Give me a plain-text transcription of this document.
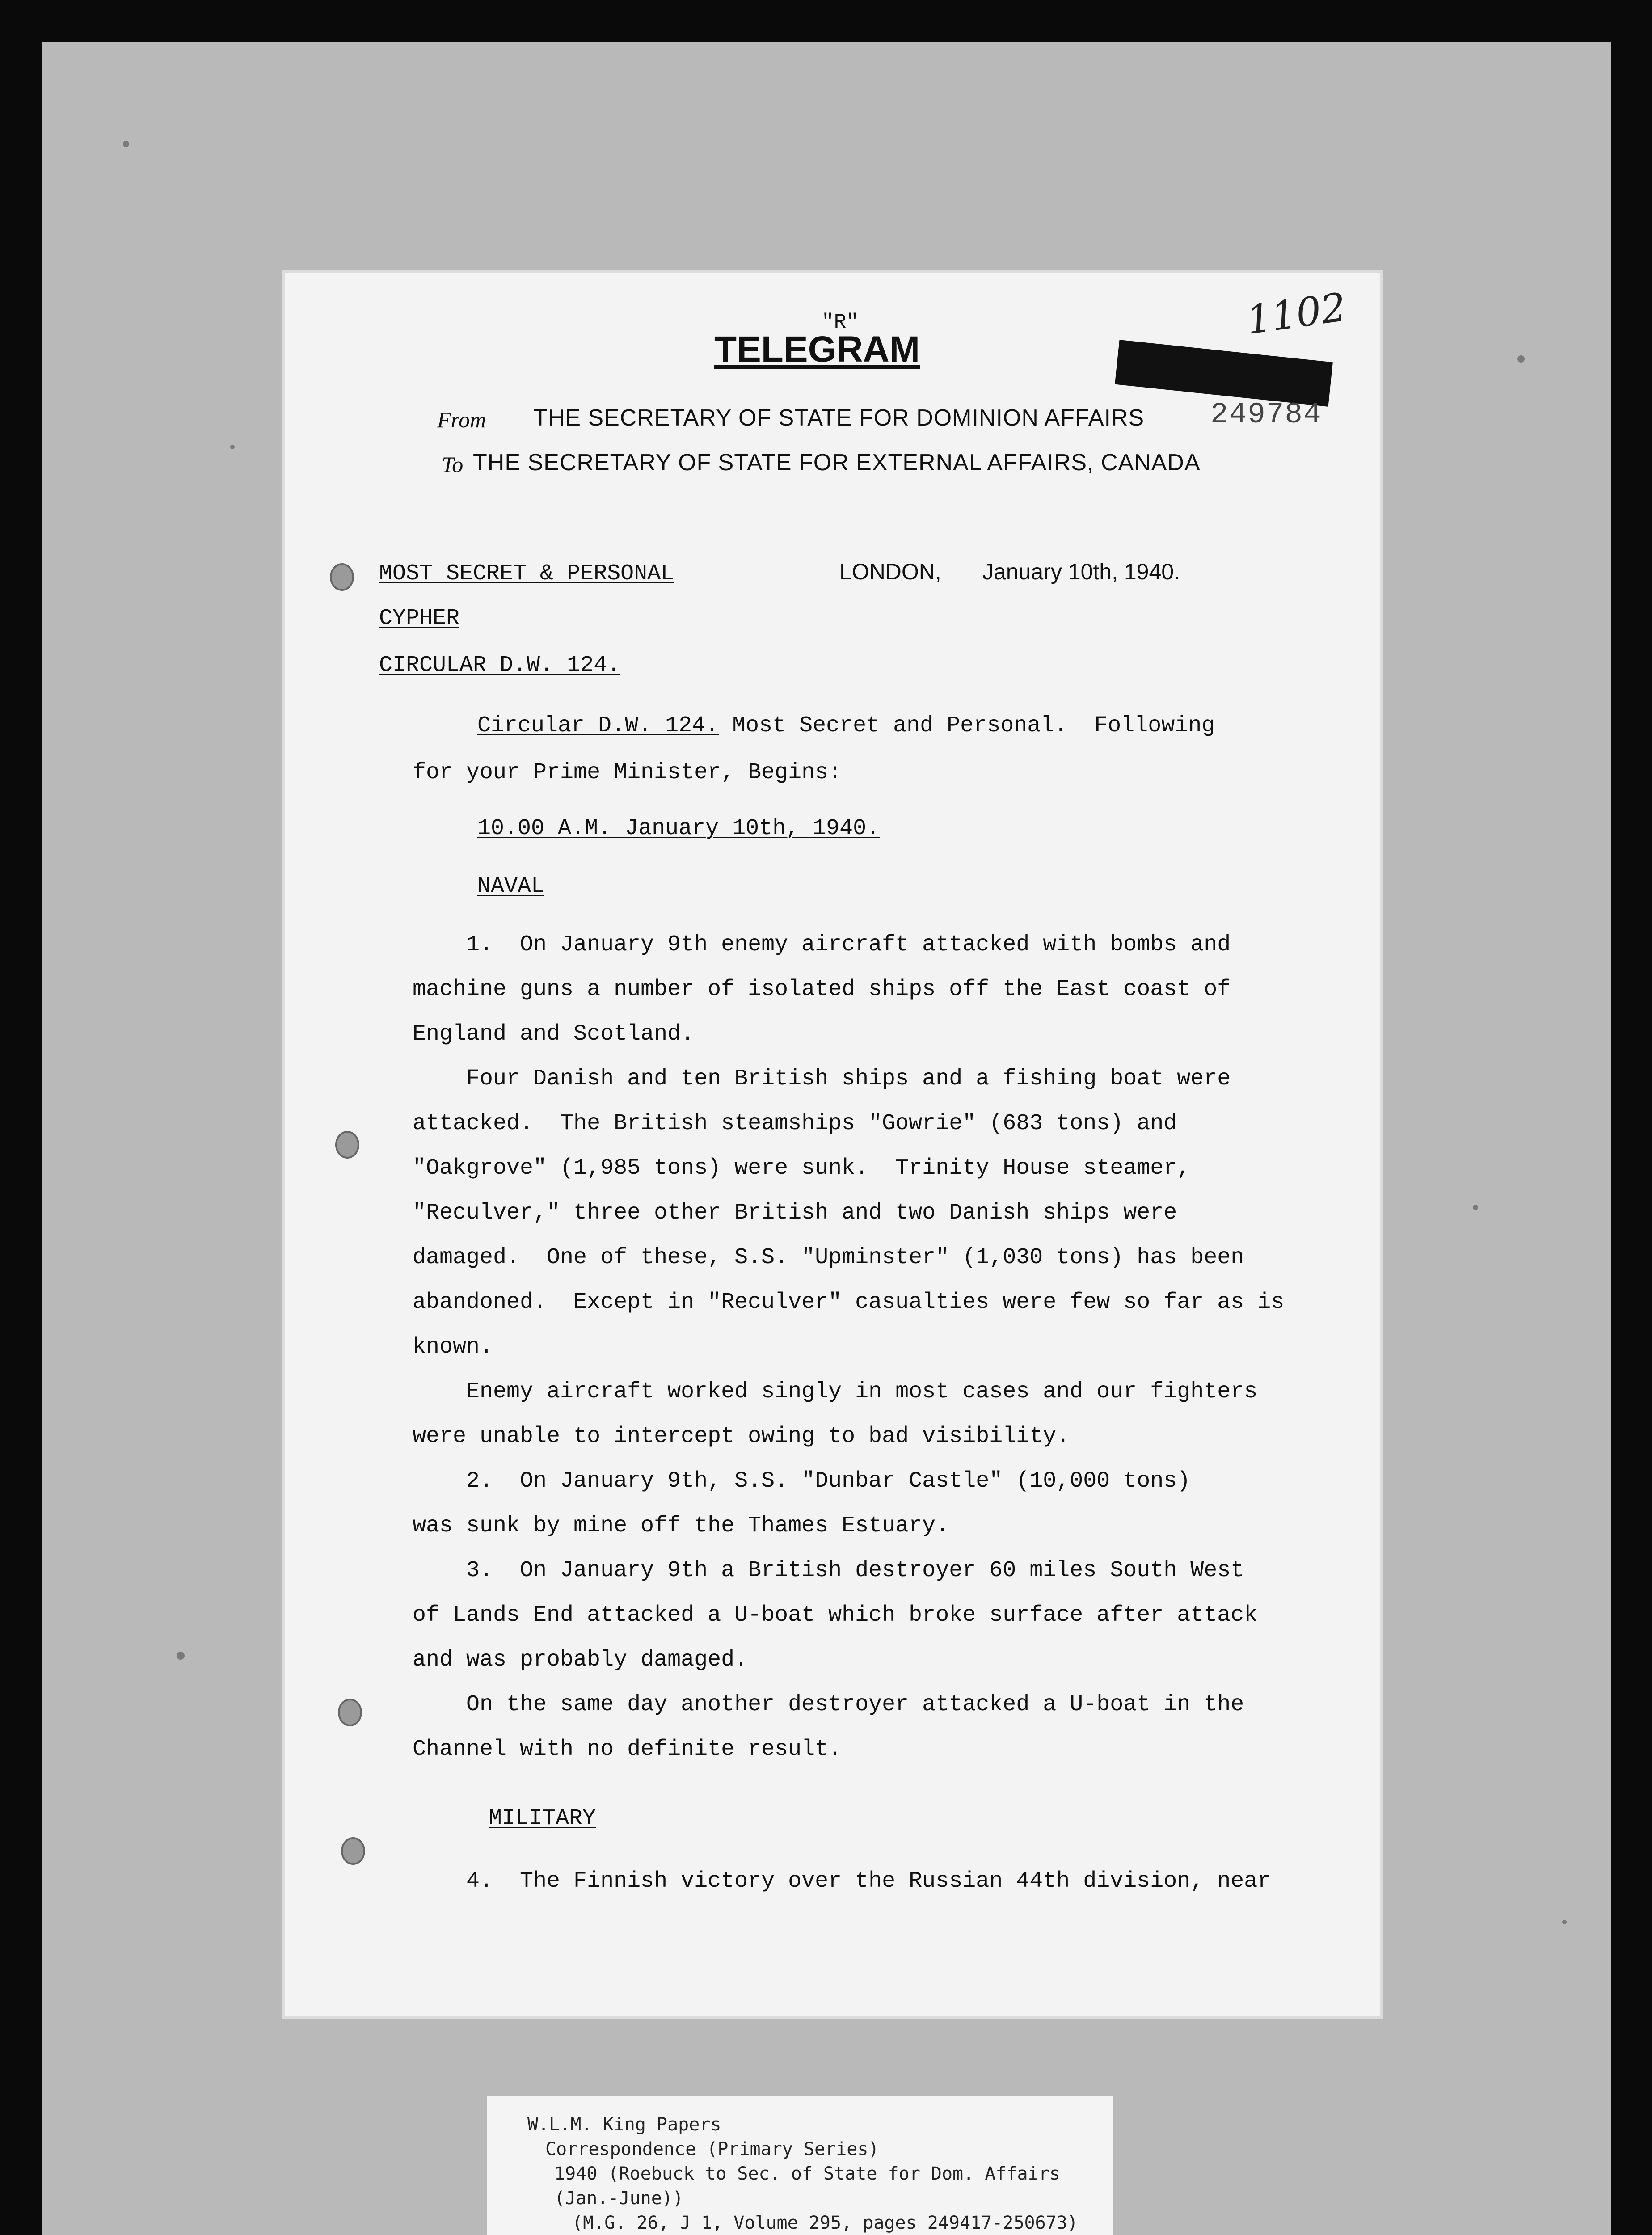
"R"
TELEGRAM
1102
249784
From THE SECRETARY OF STATE FOR DOMINION AFFAIRS
To THE SECRETARY OF STATE FOR EXTERNAL AFFAIRS, CANADA
MOST SECRET & PERSONAL	LONDON, January 10th, 1940.
CYPHER
CIRCULAR D.W. 124.
Circular D.W. 124. Most Secret and Personal.  Following
for your Prime Minister, Begins:
10.00 A.M. January 10th, 1940.
NAVAL
1.  On January 9th enemy aircraft attacked with bombs and
machine guns a number of isolated ships off the East coast of
England and Scotland.
Four Danish and ten British ships and a fishing boat were
attacked.  The British steamships "Gowrie" (683 tons) and
"Oakgrove" (1,985 tons) were sunk.  Trinity House steamer,
"Reculver," three other British and two Danish ships were
damaged.  One of these, S.S. "Upminster" (1,030 tons) has been
abandoned.  Except in "Reculver" casualties were few so far as is
known.
Enemy aircraft worked singly in most cases and our fighters
were unable to intercept owing to bad visibility.
2.  On January 9th, S.S. "Dunbar Castle" (10,000 tons)
was sunk by mine off the Thames Estuary.
3.  On January 9th a British destroyer 60 miles South West
of Lands End attacked a U-boat which broke surface after attack
and was probably damaged.
On the same day another destroyer attacked a U-boat in the
Channel with no definite result.
MILITARY
4.  The Finnish victory over the Russian 44th division, near
W.L.M. King Papers
Correspondence (Primary Series)
1940 (Roebuck to Sec. of State for Dom. Affairs
(Jan.-June))
(M.G. 26, J 1, Volume 295, pages 249417-250673)
